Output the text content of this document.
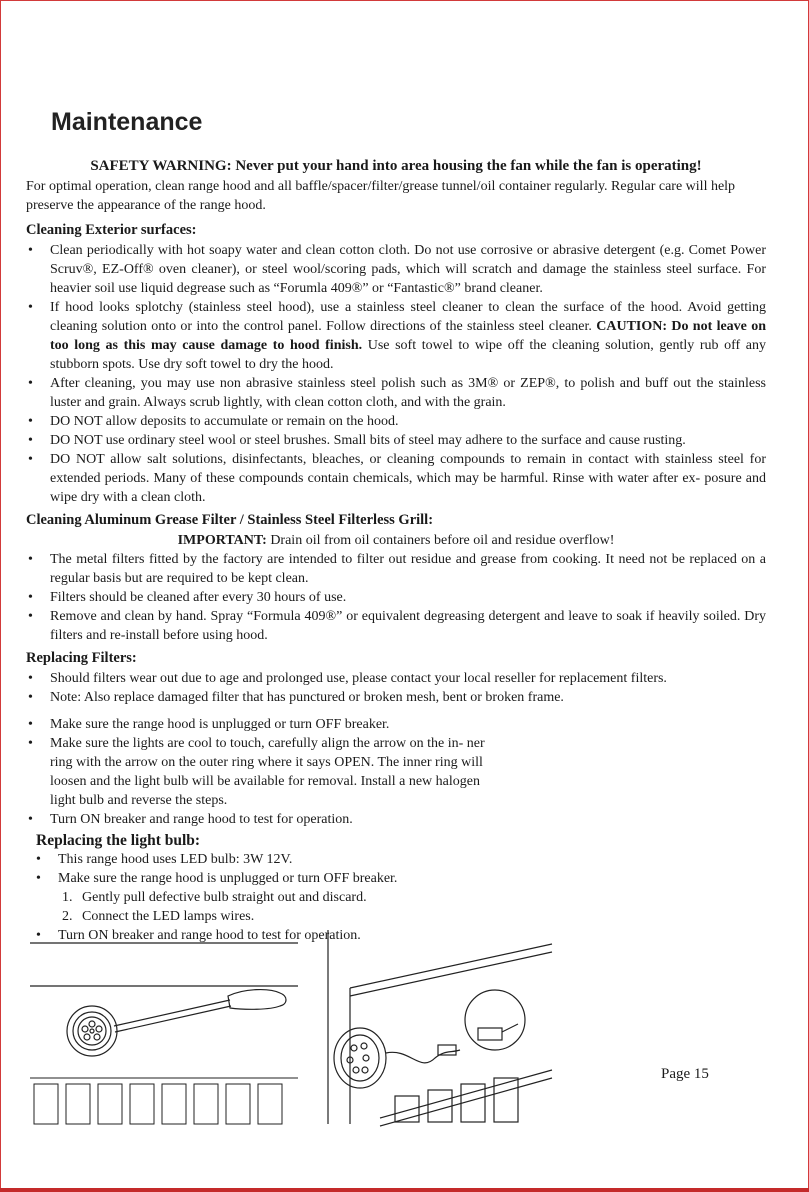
Maintenance
SAFETY WARNING: Never put your hand into area housing the fan while the fan is operating!

For optimal operation, clean range hood and all baffle/spacer/filter/grease tunnel/oil container regularly. Regular care will help preserve the appearance of the range hood.

Cleaning Exterior surfaces:
• Clean periodically with hot soapy water and clean cotton cloth. Do not use corrosive or abrasive detergent (e.g. Comet Power Scruv®, EZ-Off® oven cleaner), or steel wool/scoring pads, which will scratch and damage the stainless steel surface. For heavier soil use liquid degrease such as “Forumla 409®” or “Fantastic®” brand cleaner.
• If hood looks splotchy (stainless steel hood), use a stainless steel cleaner to clean the surface of the hood. Avoid getting cleaning solution onto or into the control panel. Follow directions of the stainless steel cleaner. CAUTION: Do not leave on too long as this may cause damage to hood finish. Use soft towel to wipe off the cleaning solution, gently rub off any stubborn spots. Use dry soft towel to dry the hood.
• After cleaning, you may use non abrasive stainless steel polish such as 3M® or ZEP®, to polish and buff out the stainless luster and grain. Always scrub lightly, with clean cotton cloth, and with the grain.
• DO NOT allow deposits to accumulate or remain on the hood.
• DO NOT use ordinary steel wool or steel brushes. Small bits of steel may adhere to the surface and cause rusting.
• DO NOT allow salt solutions, disinfectants, bleaches, or cleaning compounds to remain in contact with stainless steel for extended periods. Many of these compounds contain chemicals, which may be harmful. Rinse with water after ex- posure and wipe dry with a clean cloth.
Cleaning Aluminum Grease Filter / Stainless Steel Filterless Grill:
IMPORTANT: Drain oil from oil containers before oil and residue overflow!
• The metal filters fitted by the factory are intended to filter out residue and grease from cooking. It need not be replaced on a regular basis but are required to be kept clean.
• Filters should be cleaned after every 30 hours of use.
• Remove and clean by hand. Spray “Formula 409®” or equivalent degreasing detergent and leave to soak if heavily soiled. Dry filters and re-install before using hood.
Replacing Filters:
• Should filters wear out due to age and prolonged use, please contact your local reseller for replacement filters.
• Note: Also replace damaged filter that has punctured or broken mesh, bent or broken frame.
• Make sure the range hood is unplugged or turn OFF breaker.
• Make sure the lights are cool to touch, carefully align the arrow on the in- ner ring with the arrow on the outer ring where it says OPEN. The inner ring will loosen and the light bulb will be available for removal. Install a new halogen light bulb and reverse the steps.
• Turn ON breaker and range hood to test for operation.
Replacing the light bulb:
• This range hood uses LED bulb: 3W 12V.
• Make sure the range hood is unplugged or turn OFF breaker.
1. Gently pull defective bulb straight out and discard.
2. Connect the LED lamps wires.
• Turn ON breaker and range hood to test for operation.
Page 15
